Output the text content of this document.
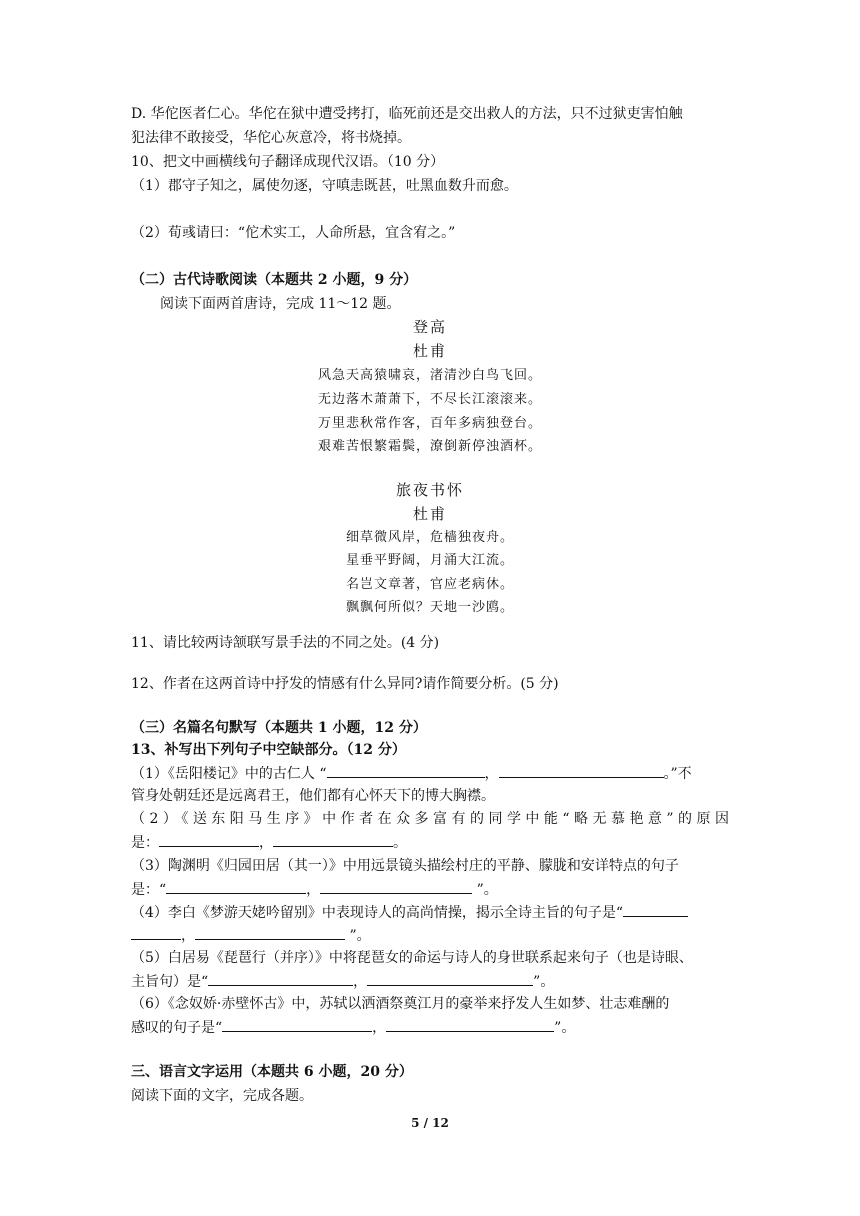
D. 华佗医者仁心。华佗在狱中遭受拷打，临死前还是交出救人的方法，只不过狱吏害怕触
犯法律不敢接受，华佗心灰意冷，将书烧掉。
10、把文中画横线句子翻译成现代汉语。（10 分）
（1）郡守子知之，属使勿逐，守嗔恚既甚，吐黑血数升而愈。
（2）荀彧请曰：“佗术实工，人命所悬，宜含宥之。”
（二）古代诗歌阅读（本题共 2 小题，9 分）
阅读下面两首唐诗，完成 11～12 题。
登高
杜甫
风急天高猿啸哀，渚清沙白鸟飞回。
无边落木萧萧下，不尽长江滚滚来。
万里悲秋常作客，百年多病独登台。
艰难苦恨繁霜鬓，潦倒新停浊酒杯。
旅夜书怀
杜甫
细草微风岸，危樯独夜舟。
星垂平野阔，月涌大江流。
名岂文章著，官应老病休。
飘飘何所似？天地一沙鸥。
11、请比较两诗颔联写景手法的不同之处。(4 分)
12、作者在这两首诗中抒发的情感有什么异同?请作简要分析。(5 分)
（三）名篇名句默写（本题共 1 小题，12 分）
13、补写出下列句子中空缺部分。（12 分）
（1）《岳阳楼记》中的古仁人 “	，	。”不
管身处朝廷还是远离君王，他们都有心怀天下的博大胸襟。
（2）《送东阳马生序》中作者在众多富有的同学中能“略无慕艳意”的原因
是：	，	。
（3）陶渊明《归园田居（其一）》中用远景镜头描绘村庄的平静、朦胧和安详特点的句子
是：“	，	”。
（4）李白《梦游天姥吟留别》中表现诗人的高尚情操，揭示全诗主旨的句子是“
，	”。
（5）白居易《琵琶行（并序）》中将琵琶女的命运与诗人的身世联系起来句子（也是诗眼、
主旨句）是“	，	”。
（6）《念奴娇·赤壁怀古》中，苏轼以洒酒祭奠江月的豪举来抒发人生如梦、壮志难酬的
感叹的句子是“	，	”。
三、语言文字运用（本题共 6 小题，20 分）
阅读下面的文字，完成各题。
5 / 12
